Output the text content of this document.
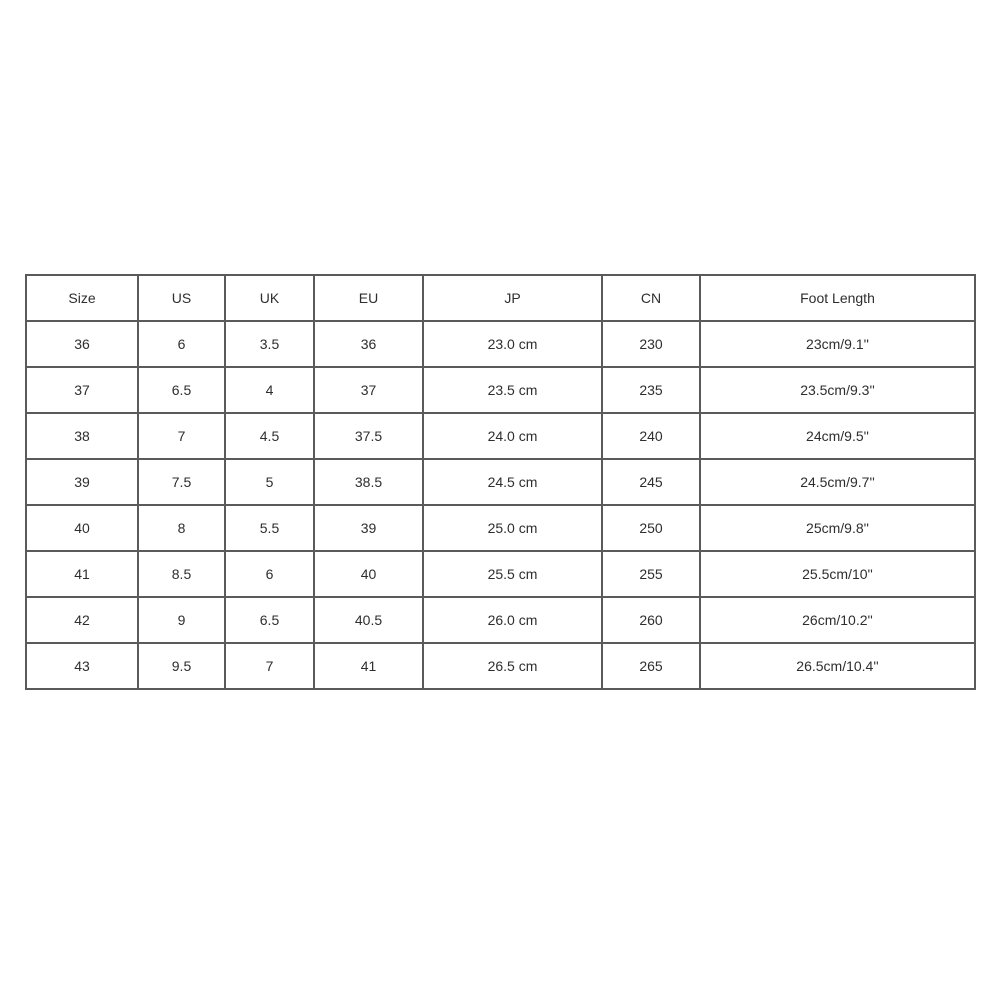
Size	US	UK	EU	JP	CN	Foot Length
36	6	3.5	36	23.0 cm	230	23cm/9.1''
37	6.5	4	37	23.5 cm	235	23.5cm/9.3''
38	7	4.5	37.5	24.0 cm	240	24cm/9.5''
39	7.5	5	38.5	24.5 cm	245	24.5cm/9.7''
40	8	5.5	39	25.0 cm	250	25cm/9.8''
41	8.5	6	40	25.5 cm	255	25.5cm/10''
42	9	6.5	40.5	26.0 cm	260	26cm/10.2''
43	9.5	7	41	26.5 cm	265	26.5cm/10.4''
